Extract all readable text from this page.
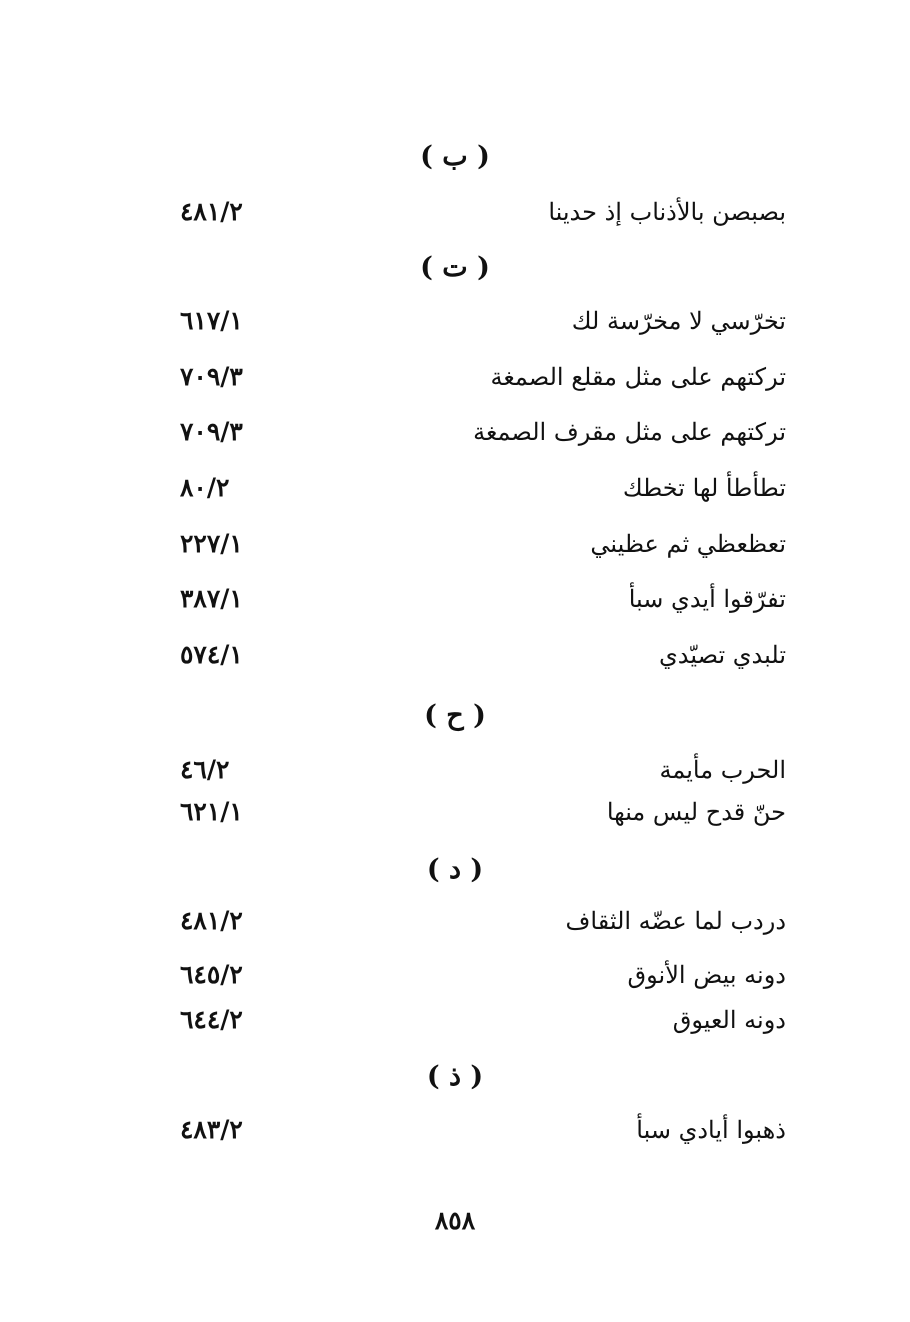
( ب )
بصبصن بالأذناب إذ حدينا
٤٨١/٢
( ت )
تخرّسي لا مخرّسة لك
٦١٧/١
تركتهم على مثل مقلع الصمغة
٧٠٩/٣
تركتهم على مثل مقرف الصمغة
٧٠٩/٣
تطأطأ لها تخطك
٨٠/٢
تعظعظي ثم عظيني
٢٢٧/١
تفرّقوا أيدي سبأ
٣٨٧/١
تلبدي تصيّدي
٥٧٤/١
( ح )
الحرب مأيمة
٤٦/٢
حنّ قدح ليس منها
٦٢١/١
( د )
دردب لما عضّه الثقاف
٤٨١/٢
دونه بيض الأنوق
٦٤٥/٢
دونه العيوق
٦٤٤/٢
( ذ )
ذهبوا أيادي سبأ
٤٨٣/٢
٨٥٨
